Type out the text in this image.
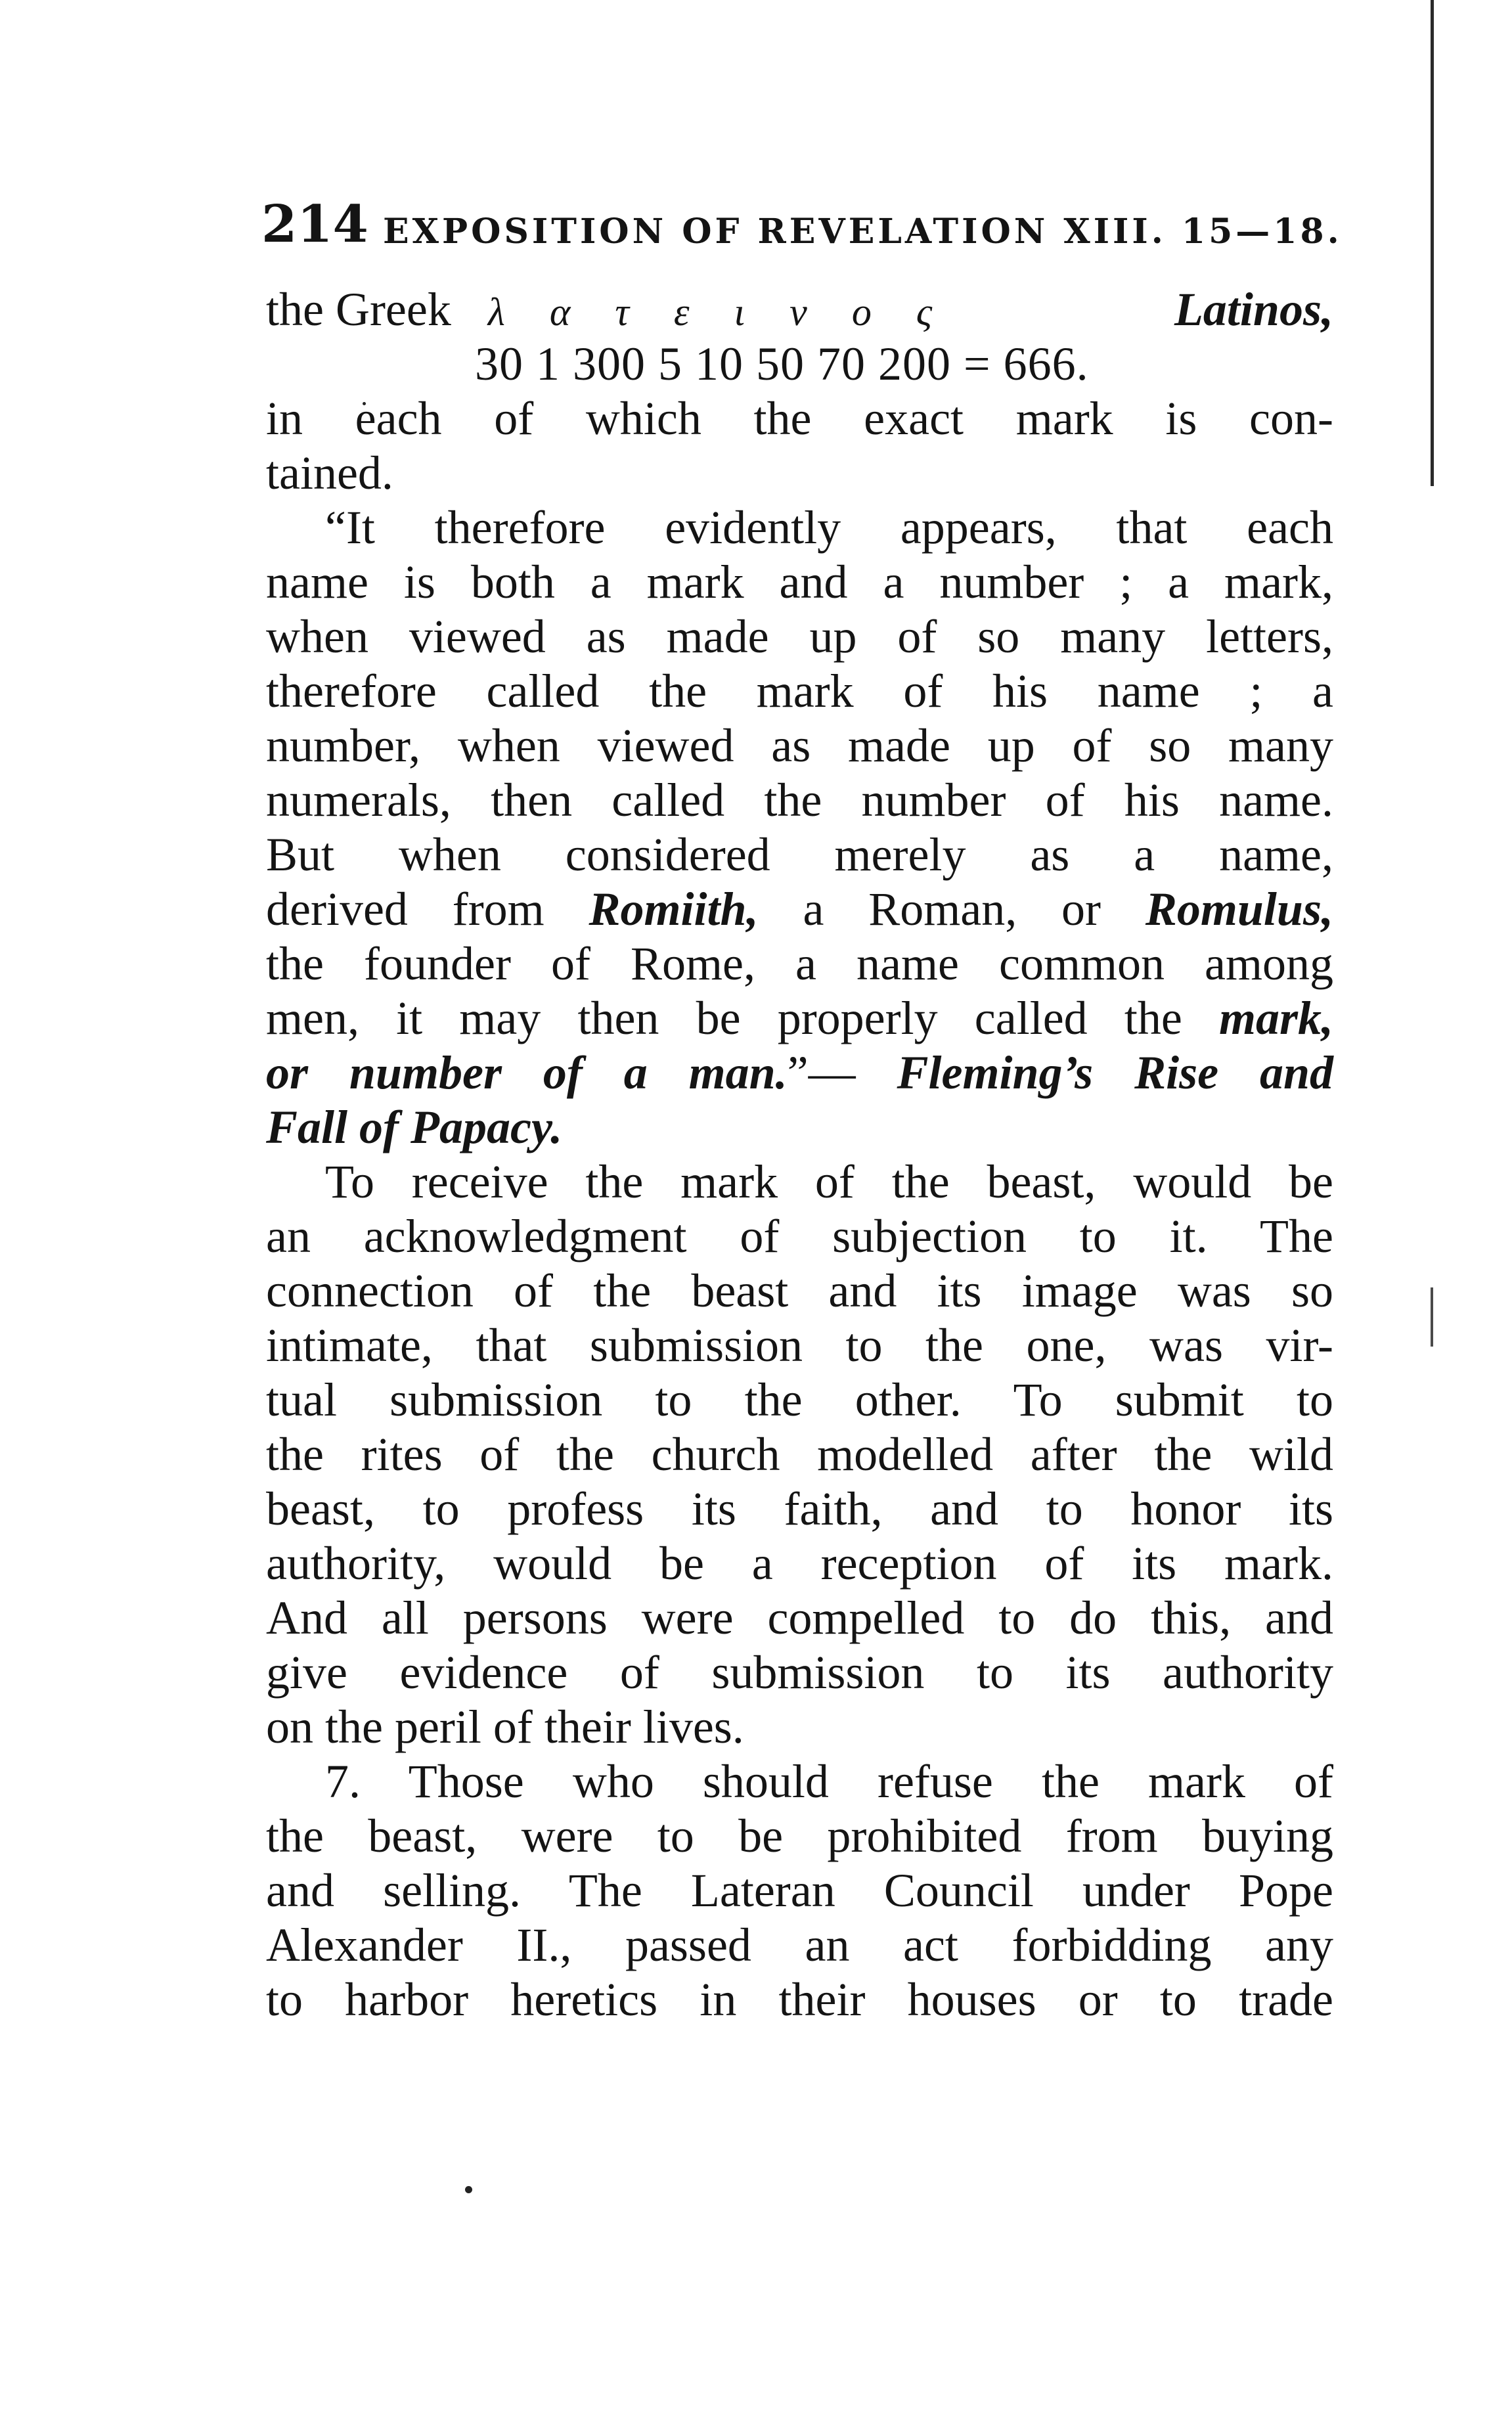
214 EXPOSITION OF REVELATION XIII. 15—18.
the Greek λ α τ ε ι ν ο ς	Latinos,
30 1 300 5 10 50 70 200 = 666.
in each of which the exact mark is con-
tained.
“It therefore evidently appears, that each
name is both a mark and a number ; a mark,
when viewed as made up of so many letters,
therefore called the mark of his name ; a
number, when viewed as made up of so many
numerals, then called the number of his name.
But when considered merely as a name,
derived from Romiith, a Roman, or Romulus,
the founder of Rome, a name common among
men, it may then be properly called the mark,
or number of a man.”— Fleming’s Rise and
Fall of Papacy.
To receive the mark of the beast, would be
an acknowledgment of subjection to it. The
connection of the beast and its image was so
intimate, that submission to the one, was vir-
tual submission to the other. To submit to
the rites of the church modelled after the wild
beast, to profess its faith, and to honor its
authority, would be a reception of its mark.
And all persons were compelled to do this, and
give evidence of submission to its authority
on the peril of their lives.
7. Those who should refuse the mark of
the beast, were to be prohibited from buying
and selling. The Lateran Council under Pope
Alexander II., passed an act forbidding any
to harbor heretics in their houses or to trade
